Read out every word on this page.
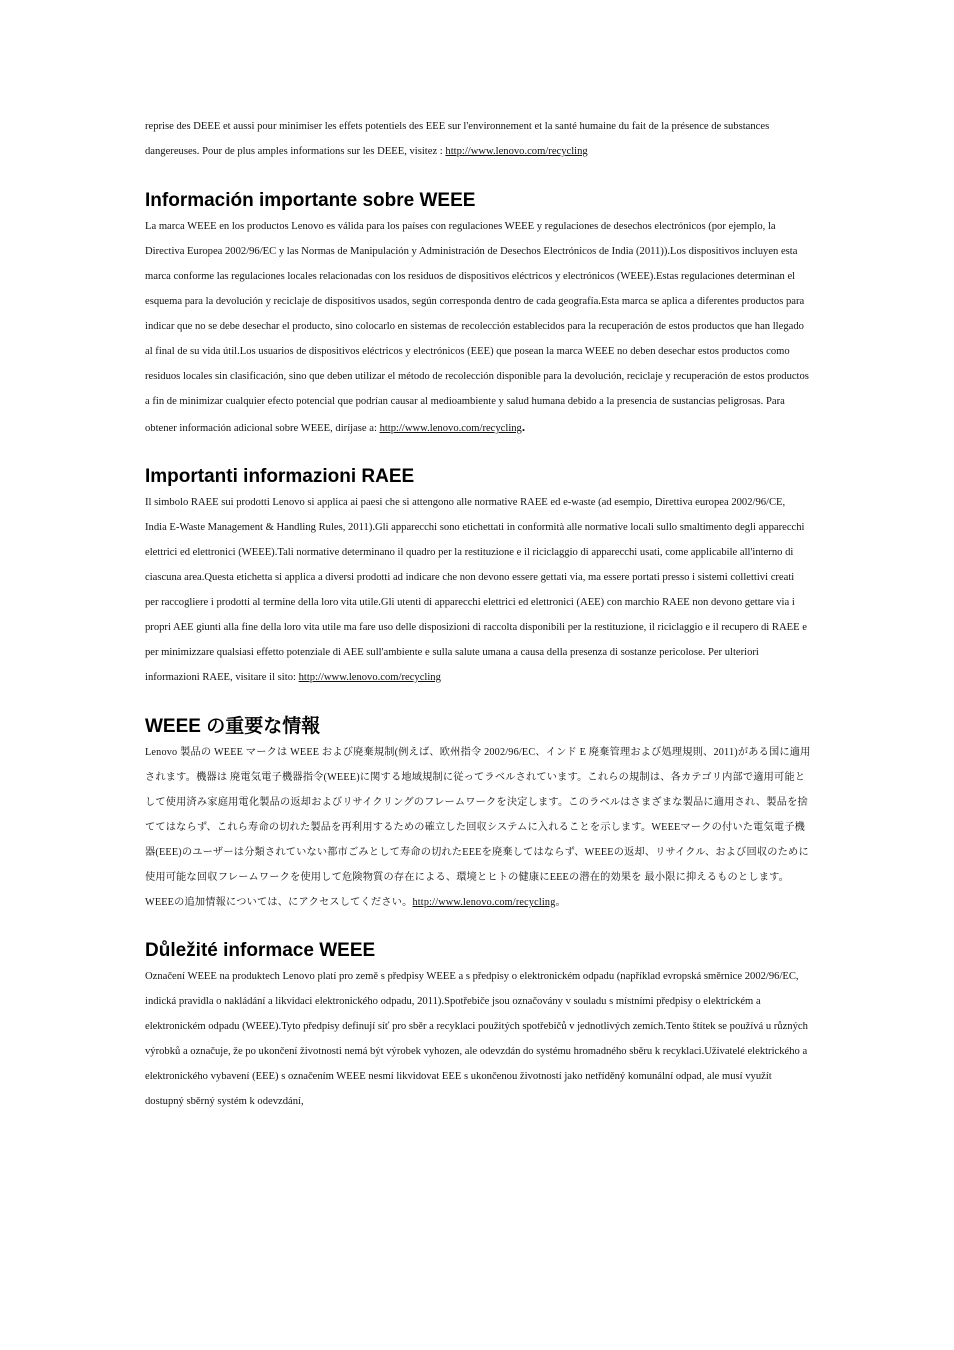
reprise des DEEE et aussi pour minimiser les effets potentiels des EEE sur l'environnement et la santé humaine du fait de la présence de substances dangereuses. Pour de plus amples informations sur les DEEE, visitez : http://www.lenovo.com/recycling

Información importante sobre WEEE

La marca WEEE en los productos Lenovo es válida para los países con regulaciones WEEE y regulaciones de desechos electrónicos (por ejemplo, la Directiva Europea 2002/96/EC y las Normas de Manipulación y Administración de Desechos Electrónicos de India (2011)).Los dispositivos incluyen esta marca conforme las regulaciones locales relacionadas con los residuos de dispositivos eléctricos y electrónicos (WEEE).Estas regulaciones determinan el esquema para la devolución y reciclaje de dispositivos usados, según corresponda dentro de cada geografía.Esta marca se aplica a diferentes productos para indicar que no se debe desechar el producto, sino colocarlo en sistemas de recolección establecidos para la recuperación de estos productos que han llegado al final de su vida útil.Los usuarios de dispositivos eléctricos y electrónicos (EEE) que posean la marca WEEE no deben desechar estos productos como residuos locales sin clasificación, sino que deben utilizar el método de recolección disponible para la devolución, reciclaje y recuperación de estos productos a fin de minimizar cualquier efecto potencial que podrían causar al medioambiente y salud humana debido a la presencia de sustancias peligrosas. Para obtener información adicional sobre WEEE, diríjase a: http://www.lenovo.com/recycling.

Importanti informazioni RAEE

Il simbolo RAEE sui prodotti Lenovo si applica ai paesi che si attengono alle normative RAEE ed e-waste (ad esempio, Direttiva europea 2002/96/CE, India E-Waste Management & Handling Rules, 2011).Gli apparecchi sono etichettati in conformità alle normative locali sullo smaltimento degli apparecchi elettrici ed elettronici (WEEE).Tali normative determinano il quadro per la restituzione e il riciclaggio di apparecchi usati, come applicabile all'interno di ciascuna area.Questa etichetta si applica a diversi prodotti ad indicare che non devono essere gettati via, ma essere portati presso i sistemi collettivi creati per raccogliere i prodotti al termine della loro vita utile.Gli utenti di apparecchi elettrici ed elettronici (AEE) con marchio RAEE non devono gettare via i propri AEE giunti alla fine della loro vita utile ma fare uso delle disposizioni di raccolta disponibili per la restituzione, il riciclaggio e il recupero di RAEE e per minimizzare qualsiasi effetto potenziale di AEE sull'ambiente e sulla salute umana a causa della presenza di sostanze pericolose. Per ulteriori informazioni RAEE, visitare il sito: http://www.lenovo.com/recycling

WEEE の重要な情報

Lenovo 製品の WEEE マークは WEEE および廃棄規制(例えば、欧州指令 2002/96/EC、インド E 廃棄管理および処理規則、2011)がある国に適用されます。機器は 廃電気電子機器指令(WEEE)に関する地域規制に従ってラベルされています。これらの規制は、各カテゴリ内部で適用可能として使用済み家庭用電化製品の返却およびリサイクリングのフレームワークを決定します。このラベルはさまざまな製品に適用され、製品を捨ててはならず、これら寿命の切れた製品を再利用するための確立した回収システムに入れることを示します。WEEEマークの付いた電気電子機器(EEE)のユーザーは分類されていない都市ごみとして寿命の切れたEEEを廃棄してはならず、WEEEの返却、リサイクル、および回収のために使用可能な回収フレームワークを使用して危険物質の存在による、環境とヒトの健康にEEEの潜在的効果を 最小限に抑えるものとします。WEEEの追加情報については、にアクセスしてください。http://www.lenovo.com/recycling。

Důležité informace WEEE

Označení WEEE na produktech Lenovo platí pro země s předpisy WEEE a s předpisy o elektronickém odpadu (například evropská směrnice 2002/96/EC, indická pravidla o nakládání a likvidaci elektronického odpadu, 2011).Spotřebiče jsou označovány v souladu s místními předpisy o elektrickém a elektronickém odpadu (WEEE).Tyto předpisy definují síť pro sběr a recyklaci použitých spotřebičů v jednotlivých zemích.Tento štítek se používá u různých výrobků a označuje, že po ukončení životnosti nemá být výrobek vyhozen, ale odevzdán do systému hromadného sběru k recyklaci.Uživatelé elektrického a elektronického vybavení (EEE) s označením WEEE nesmí likvidovat EEE s ukončenou životností jako netříděný komunální odpad, ale musí využít dostupný sběrný systém k odevzdání,
